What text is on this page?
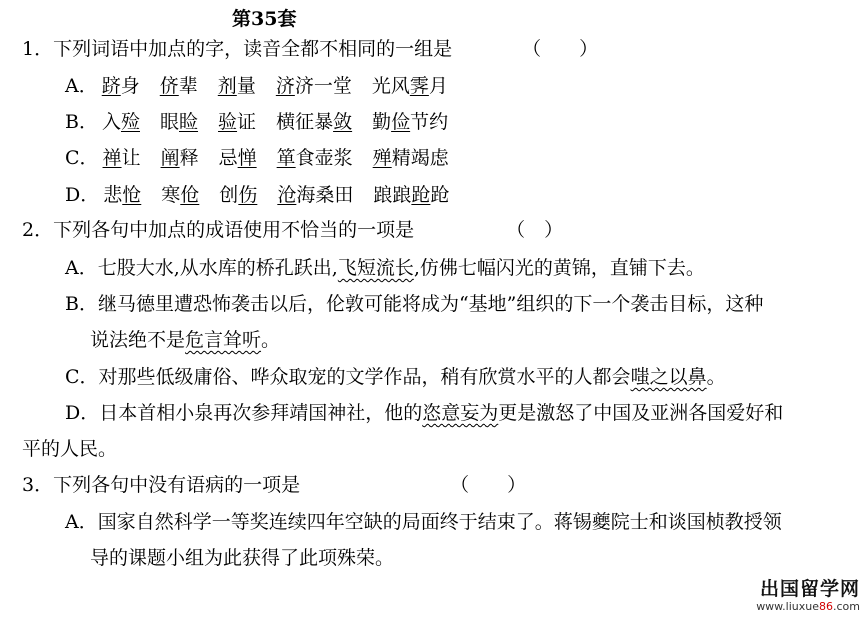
第35套
1．下列词语中加点的字，读音全都不相同的一组是	（　　）
2．下列各句中加点的成语使用不恰当的一项是	（　）
A．七股大水,从水库的桥孔跃出,飞短流长,仿佛七幅闪光的黄锦，直铺下去。
B．继马德里遭恐怖袭击以后，伦敦可能将成为“基地”组织的下一个袭击目标，这种
说法绝不是危言耸听。
C．对那些低级庸俗、哗众取宠的文学作品，稍有欣赏水平的人都会嗤之以鼻。
D．日本首相小泉再次参拜靖国神社，他的恣意妄为更是激怒了中国及亚洲各国爱好和
平的人民。
3．下列各句中没有语病的一项是	（　　）
A．国家自然科学一等奖连续四年空缺的局面终于结束了。蒋锡夔院士和谈国桢教授领
导的课题小组为此获得了此项殊荣。
出国留学网
www.liuxue86.com
A． 跻身 侪辈 剂量 济济一堂 光风霁月
B． 入殓 眼睑 验证 横征暴敛 勤俭节约
C． 禅让 阐释 忌惮 箪食壶浆 殚精竭虑
D． 悲怆 寒伧 创伤 沧海桑田 踉踉跄跄
